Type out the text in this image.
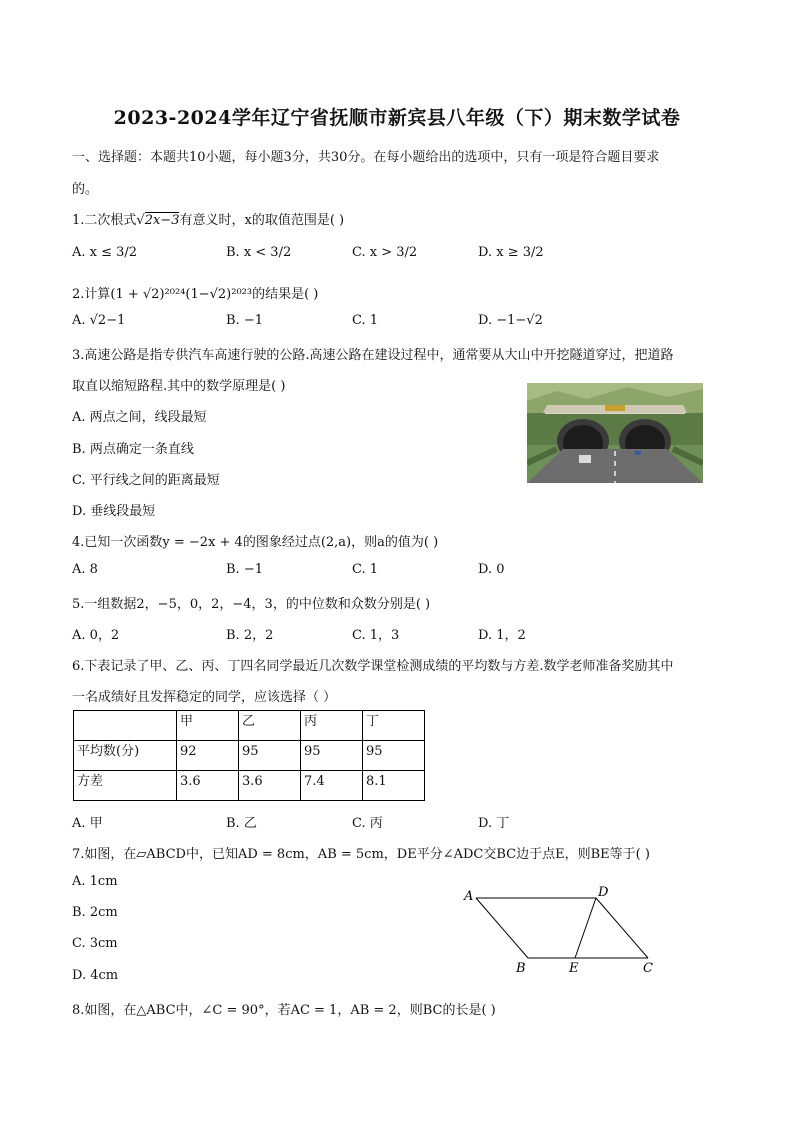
2023-2024学年辽宁省抚顺市新宾县八年级（下）期末数学试卷
一、选择题：本题共10小题，每小题3分，共30分。在每小题给出的选项中，只有一项是符合题目要求
的。
1.二次根式√2x−3有意义时，x的取值范围是( )
A. x ≤ 3/2	B. x < 3/2	C. x > 3/2	D. x ≥ 3/2
2.计算(1 + √2)²⁰²⁴(1−√2)²⁰²³的结果是( )
A. √2−1	B. −1	C. 1	D. −1−√2
3.高速公路是指专供汽车高速行驶的公路.高速公路在建设过程中，通常要从大山中开挖隧道穿过，把道路
取直以缩短路程.其中的数学原理是( )
A. 两点之间，线段最短
B. 两点确定一条直线
C. 平行线之间的距离最短
D. 垂线段最短
4.已知一次函数y = −2x + 4的图象经过点(2,a)，则a的值为( )
A. 8	B. −1	C. 1	D. 0
5.一组数据2，−5，0，2，−4，3，的中位数和众数分别是( )
A. 0，2	B. 2，2	C. 1，3	D. 1，2
6.下表记录了甲、乙、丙、丁四名同学最近几次数学课堂检测成绩的平均数与方差.数学老师准备奖励其中
一名成绩好且发挥稳定的同学，应该选择（ ）
	甲	乙	丙	丁
平均数(分)	92	95	95	95
方差	3.6	3.6	7.4	8.1
A. 甲	B. 乙	C. 丙	D. 丁
7.如图，在▱ABCD中，已知AD = 8cm，AB = 5cm，DE平分∠ADC交BC边于点E，则BE等于( )
A. 1cm
B. 2cm
C. 3cm
D. 4cm
A	D
B	E	C
8.如图，在△ABC中，∠C = 90°，若AC = 1，AB = 2，则BC的长是( )
